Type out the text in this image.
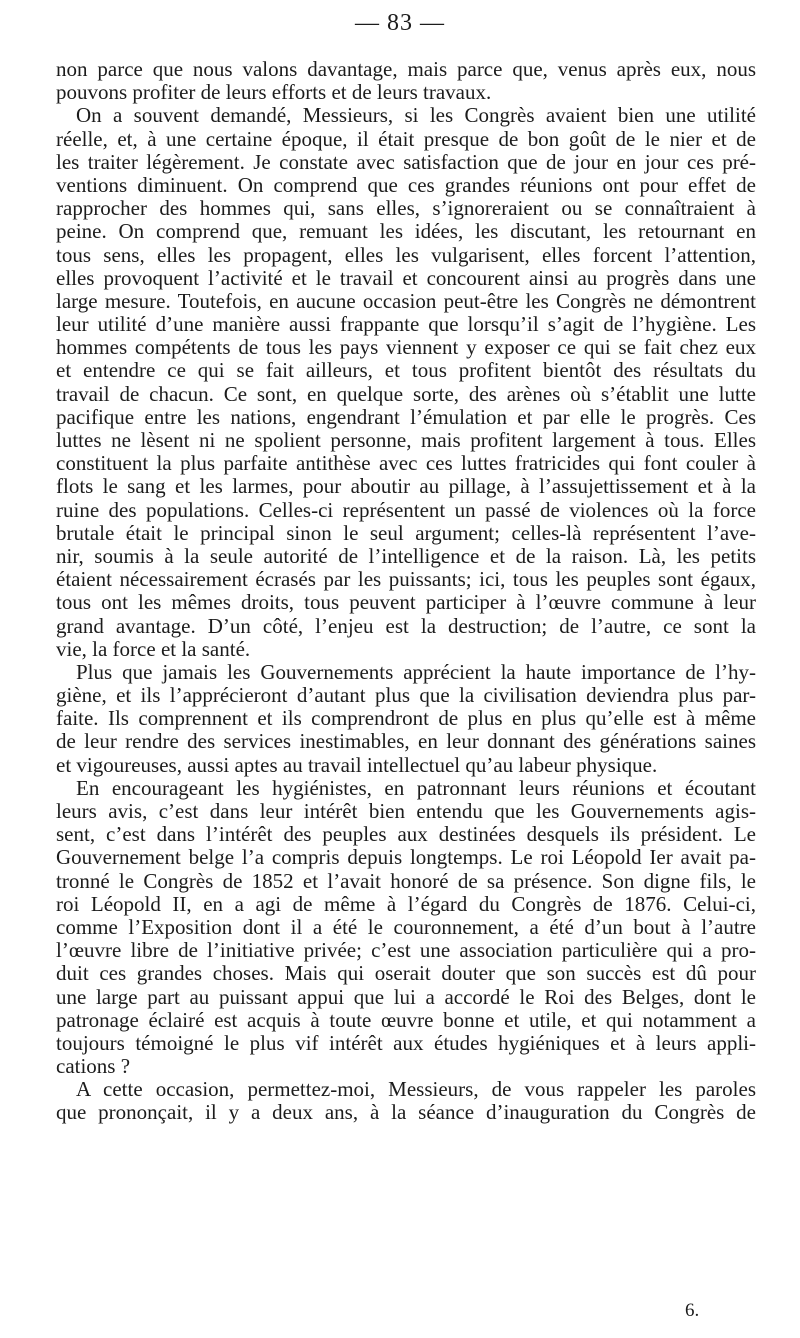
— 83 —
non parce que nous valons davantage, mais parce que, venus après eux, nous
pouvons profiter de leurs efforts et de leurs travaux.
On a souvent demandé, Messieurs, si les Congrès avaient bien une utilité
réelle, et, à une certaine époque, il était presque de bon goût de le nier et de
les traiter légèrement. Je constate avec satisfaction que de jour en jour ces pré-
ventions diminuent. On comprend que ces grandes réunions ont pour effet de
rapprocher des hommes qui, sans elles, s’ignoreraient ou se connaîtraient à
peine. On comprend que, remuant les idées, les discutant, les retournant en
tous sens, elles les propagent, elles les vulgarisent, elles forcent l’attention,
elles provoquent l’activité et le travail et concourent ainsi au progrès dans une
large mesure. Toutefois, en aucune occasion peut-être les Congrès ne démontrent
leur utilité d’une manière aussi frappante que lorsqu’il s’agit de l’hygiène. Les
hommes compétents de tous les pays viennent y exposer ce qui se fait chez eux
et entendre ce qui se fait ailleurs, et tous profitent bientôt des résultats du
travail de chacun. Ce sont, en quelque sorte, des arènes où s’établit une lutte
pacifique entre les nations, engendrant l’émulation et par elle le progrès. Ces
luttes ne lèsent ni ne spolient personne, mais profitent largement à tous. Elles
constituent la plus parfaite antithèse avec ces luttes fratricides qui font couler à
flots le sang et les larmes, pour aboutir au pillage, à l’assujettissement et à la
ruine des populations. Celles-ci représentent un passé de violences où la force
brutale était le principal sinon le seul argument; celles-là représentent l’ave-
nir, soumis à la seule autorité de l’intelligence et de la raison. Là, les petits
étaient nécessairement écrasés par les puissants; ici, tous les peuples sont égaux,
tous ont les mêmes droits, tous peuvent participer à l’œuvre commune à leur
grand avantage. D’un côté, l’enjeu est la destruction; de l’autre, ce sont la
vie, la force et la santé.
Plus que jamais les Gouvernements apprécient la haute importance de l’hy-
giène, et ils l’apprécieront d’autant plus que la civilisation deviendra plus par-
faite. Ils comprennent et ils comprendront de plus en plus qu’elle est à même
de leur rendre des services inestimables, en leur donnant des générations saines
et vigoureuses, aussi aptes au travail intellectuel qu’au labeur physique.
En encourageant les hygiénistes, en patronnant leurs réunions et écoutant
leurs avis, c’est dans leur intérêt bien entendu que les Gouvernements agis-
sent, c’est dans l’intérêt des peuples aux destinées desquels ils président. Le
Gouvernement belge l’a compris depuis longtemps. Le roi Léopold Ier avait pa-
tronné le Congrès de 1852 et l’avait honoré de sa présence. Son digne fils, le
roi Léopold II, en a agi de même à l’égard du Congrès de 1876. Celui-ci,
comme l’Exposition dont il a été le couronnement, a été d’un bout à l’autre
l’œuvre libre de l’initiative privée; c’est une association particulière qui a pro-
duit ces grandes choses. Mais qui oserait douter que son succès est dû pour
une large part au puissant appui que lui a accordé le Roi des Belges, dont le
patronage éclairé est acquis à toute œuvre bonne et utile, et qui notamment a
toujours témoigné le plus vif intérêt aux études hygiéniques et à leurs appli-
cations ?
A cette occasion, permettez-moi, Messieurs, de vous rappeler les paroles
que prononçait, il y a deux ans, à la séance d’inauguration du Congrès de
6.
